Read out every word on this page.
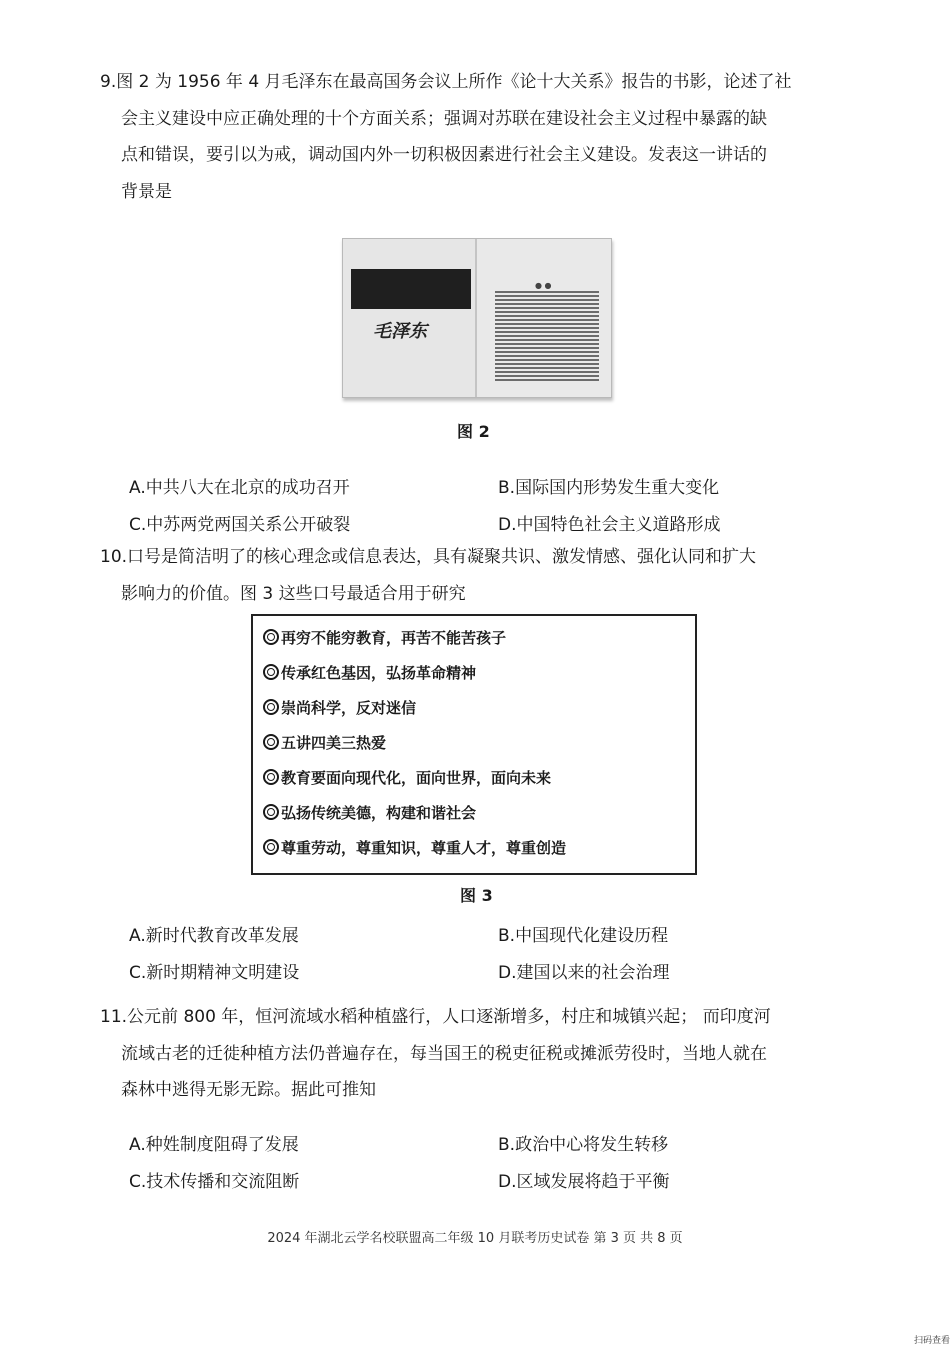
9.图 2 为 1956 年 4 月毛泽东在最高国务会议上所作《论十大关系》报告的书影，论述了社
会主义建设中应正确处理的十个方面关系；强调对苏联在建设社会主义过程中暴露的缺
点和错误，要引以为戒，调动国内外一切积极因素进行社会主义建设。发表这一讲话的
背景是
毛泽东
● ●
图 2
A.中共八大在北京的成功召开	B.国际国内形势发生重大变化
C.中苏两党两国关系公开破裂	D.中国特色社会主义道路形成
10.口号是简洁明了的核心理念或信息表达，具有凝聚共识、激发情感、强化认同和扩大
影响力的价值。图 3 这些口号最适合用于研究
再穷不能穷教育，再苦不能苦孩子
传承红色基因，弘扬革命精神
崇尚科学，反对迷信
五讲四美三热爱
教育要面向现代化，面向世界，面向未来
弘扬传统美德，构建和谐社会
尊重劳动，尊重知识，尊重人才，尊重创造
图 3
A.新时代教育改革发展	B.中国现代化建设历程
C.新时期精神文明建设	D.建国以来的社会治理
11.公元前 800 年，恒河流域水稻种植盛行，人口逐渐增多，村庄和城镇兴起； 而印度河
流域古老的迁徙种植方法仍普遍存在，每当国王的税吏征税或摊派劳役时，当地人就在
森林中逃得无影无踪。据此可推知
A.种姓制度阻碍了发展	B.政治中心将发生转移
C.技术传播和交流阻断	D.区域发展将趋于平衡
2024 年湖北云学名校联盟高二年级 10 月联考历史试卷 第 3 页 共 8 页
扫码查看
